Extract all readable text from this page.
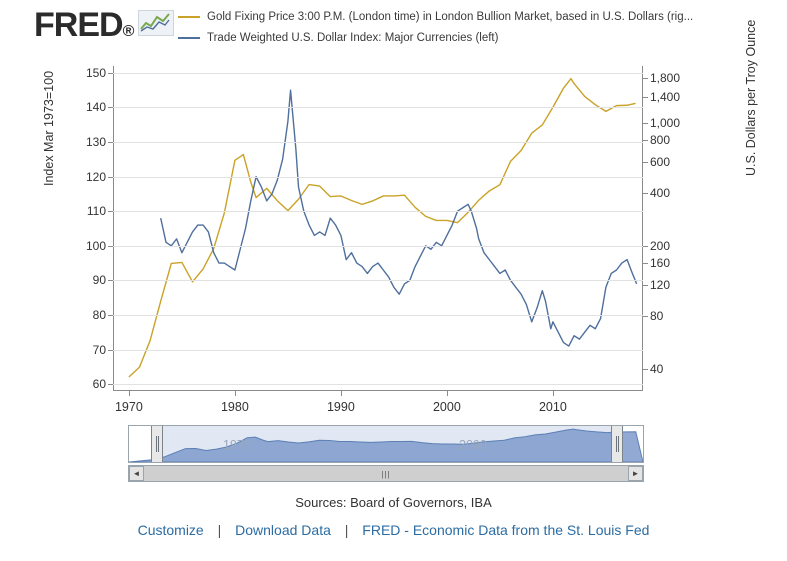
FRED®
Gold Fixing Price 3:00 P.M. (London time) in London Bullion Market, based in U.S. Dollars (rig...
Trade Weighted U.S. Dollar Index: Major Currencies (left)
Index Mar 1973=100	U.S. Dollars per Troy Ounce
60
70
80
90
100
110
120
130
140
150
40
80
120
160
200
400
600
800
1,000
1,400
1,800
1970	1980	1990	2000	2010
1975	2000
◄	►
|||
Sources: Board of Governors, IBA
Customize | Download Data | FRED - Economic Data from the St. Louis Fed
